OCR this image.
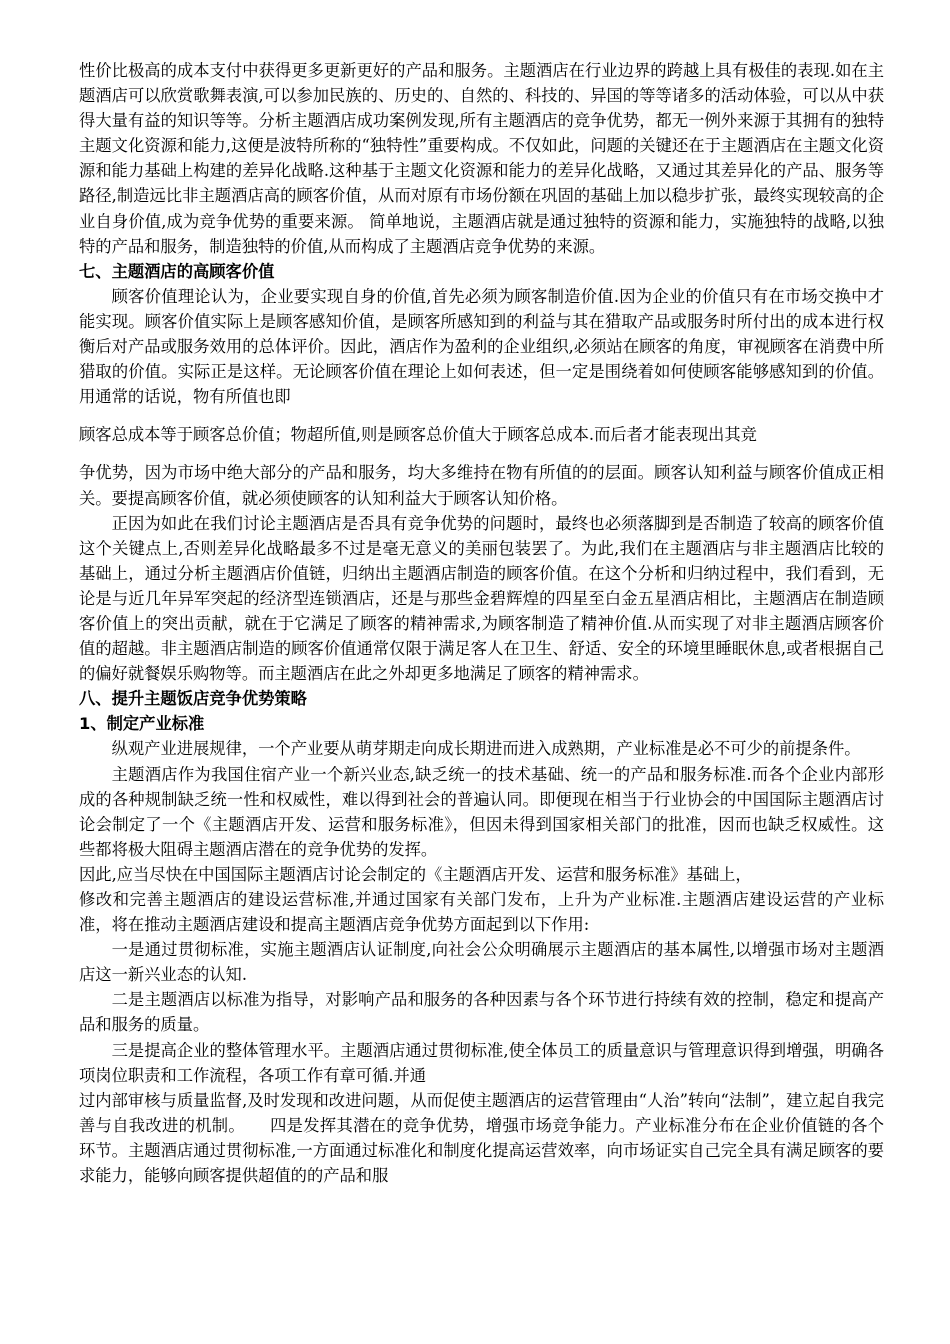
性价比极高的成本支付中获得更多更新更好的产品和服务。主题酒店在行业边界的跨越上具有极佳的表现.如在主题酒店可以欣赏歌舞表演,可以参加民族的、历史的、自然的、科技的、异国的等等诸多的活动体验，可以从中获得大量有益的知识等等。分析主题酒店成功案例发现,所有主题酒店的竞争优势，都无一例外来源于其拥有的独特主题文化资源和能力,这便是波特所称的“独特性”重要构成。不仅如此，问题的关键还在于主题酒店在主题文化资源和能力基础上构建的差异化战略.这种基于主题文化资源和能力的差异化战略，又通过其差异化的产品、服务等路径,制造远比非主题酒店高的顾客价值，从而对原有市场份额在巩固的基础上加以稳步扩张，最终实现较高的企业自身价值,成为竞争优势的重要来源。 简单地说，主题酒店就是通过独特的资源和能力，实施独特的战略,以独特的产品和服务，制造独特的价值,从而构成了主题酒店竞争优势的来源。

七、主题酒店的高顾客价值

顾客价值理论认为，企业要实现自身的价值,首先必须为顾客制造价值.因为企业的价值只有在市场交换中才能实现。顾客价值实际上是顾客感知价值，是顾客所感知到的利益与其在猎取产品或服务时所付出的成本进行权衡后对产品或服务效用的总体评价。因此，酒店作为盈利的企业组织,必须站在顾客的角度，审视顾客在消费中所猎取的价值。实际正是这样。无论顾客价值在理论上如何表述，但一定是围绕着如何使顾客能够感知到的价值。用通常的话说，物有所值也即

顾客总成本等于顾客总价值；物超所值,则是顾客总价值大于顾客总成本.而后者才能表现出其竞

争优势，因为市场中绝大部分的产品和服务，均大多维持在物有所值的的层面。顾客认知利益与顾客价值成正相关。要提高顾客价值，就必须使顾客的认知利益大于顾客认知价格。

正因为如此在我们讨论主题酒店是否具有竞争优势的问题时，最终也必须落脚到是否制造了较高的顾客价值这个关键点上,否则差异化战略最多不过是毫无意义的美丽包装罢了。为此,我们在主题酒店与非主题酒店比较的基础上，通过分析主题酒店价值链，归纳出主题酒店制造的顾客价值。在这个分析和归纳过程中，我们看到，无论是与近几年异军突起的经济型连锁酒店，还是与那些金碧辉煌的四星至白金五星酒店相比，主题酒店在制造顾客价值上的突出贡献，就在于它满足了顾客的精神需求,为顾客制造了精神价值.从而实现了对非主题酒店顾客价值的超越。非主题酒店制造的顾客价值通常仅限于满足客人在卫生、舒适、安全的环境里睡眠休息,或者根据自己的偏好就餐娱乐购物等。而主题酒店在此之外却更多地满足了顾客的精神需求。

八、提升主题饭店竞争优势策略

1、制定产业标准

纵观产业进展规律，一个产业要从萌芽期走向成长期进而进入成熟期，产业标准是必不可少的前提条件。

主题酒店作为我国住宿产业一个新兴业态,缺乏统一的技术基础、统一的产品和服务标准.而各个企业内部形成的各种规制缺乏统一性和权威性，难以得到社会的普遍认同。即便现在相当于行业协会的中国国际主题酒店讨论会制定了一个《主题酒店开发、运营和服务标准》，但因未得到国家相关部门的批准，因而也缺乏权威性。这些都将极大阻碍主题酒店潜在的竞争优势的发挥。

因此,应当尽快在中国国际主题酒店讨论会制定的《主题酒店开发、运营和服务标准》基础上，

修改和完善主题酒店的建设运营标准,并通过国家有关部门发布，上升为产业标准.主题酒店建设运营的产业标准，将在推动主题酒店建设和提高主题酒店竞争优势方面起到以下作用:

一是通过贯彻标准，实施主题酒店认证制度,向社会公众明确展示主题酒店的基本属性,以增强市场对主题酒店这一新兴业态的认知.

二是主题酒店以标准为指导，对影响产品和服务的各种因素与各个环节进行持续有效的控制，稳定和提高产品和服务的质量。

三是提高企业的整体管理水平。主题酒店通过贯彻标准,使全体员工的质量意识与管理意识得到增强，明确各项岗位职责和工作流程，各项工作有章可循.并通

过内部审核与质量监督,及时发现和改进问题，从而促使主题酒店的运营管理由“人治”转向“法制”，建立起自我完善与自我改进的机制。　　四是发挥其潜在的竞争优势，增强市场竞争能力。产业标准分布在企业价值链的各个环节。主题酒店通过贯彻标准,一方面通过标准化和制度化提高运营效率，向市场证实自己完全具有满足顾客的要求能力，能够向顾客提供超值的的产品和服
